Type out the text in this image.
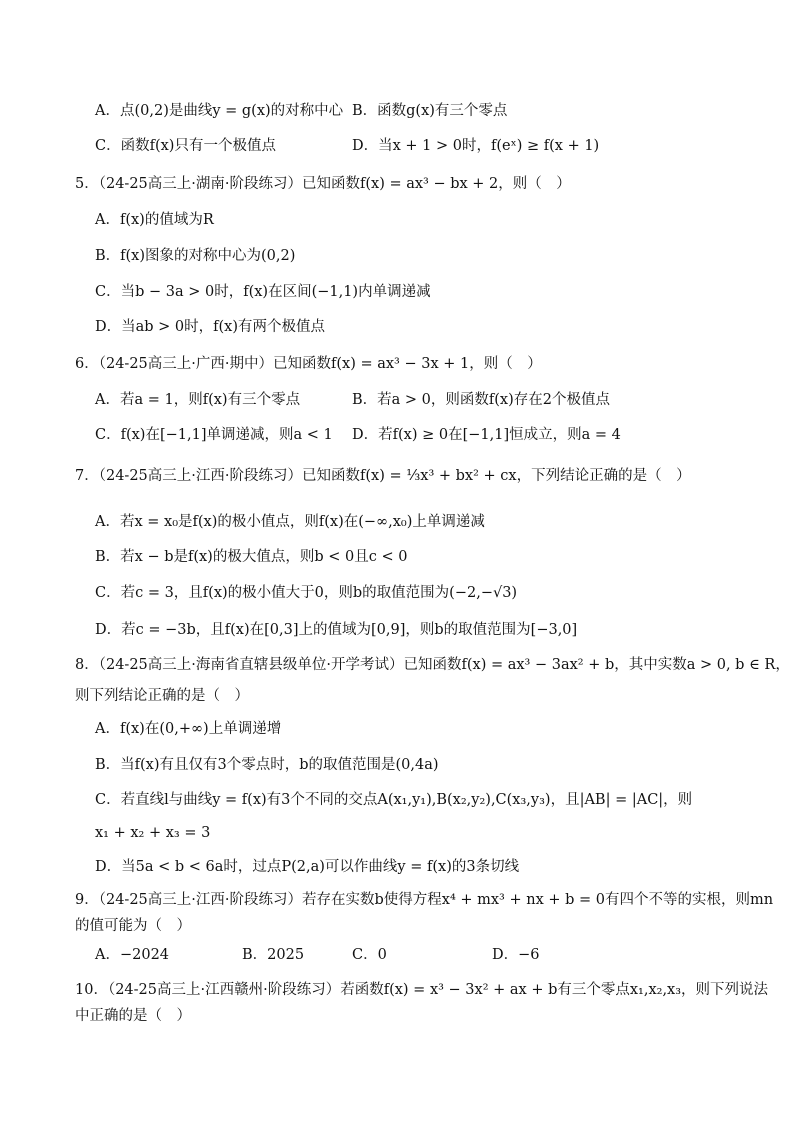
A．点(0,2)是曲线y = g(x)的对称中心 B．函数g(x)有三个零点
C．函数f(x)只有一个极值点	D．当x + 1 > 0时，f(eˣ) ≥ f(x + 1)
5．（24-25高三上·湖南·阶段练习）已知函数f(x) = ax³ − bx + 2，则（　）
A．f(x)的值域为R
B．f(x)图象的对称中心为(0,2)
C．当b − 3a > 0时，f(x)在区间(−1,1)内单调递减
D．当ab > 0时，f(x)有两个极值点
6．（24-25高三上·广西·期中）已知函数f(x) = ax³ − 3x + 1，则（　）
A．若a = 1，则f(x)有三个零点	B．若a > 0，则函数f(x)存在2个极值点
C．f(x)在[−1,1]单调递减，则a < 1 D．若f(x) ≥ 0在[−1,1]恒成立，则a = 4
7．（24-25高三上·江西·阶段练习）已知函数f(x) = ⅓x³ + bx² + cx，下列结论正确的是（　）
A．若x = x₀是f(x)的极小值点，则f(x)在(−∞,x₀)上单调递减
B．若x − b是f(x)的极大值点，则b < 0且c < 0
C．若c = 3，且f(x)的极小值大于0，则b的取值范围为(−2,−√3)
D．若c = −3b，且f(x)在[0,3]上的值域为[0,9]，则b的取值范围为[−3,0]
8．（24-25高三上·海南省直辖县级单位·开学考试）已知函数f(x) = ax³ − 3ax² + b，其中实数a > 0, b ∈ R，
则下列结论正确的是（　）
A．f(x)在(0,+∞)上单调递增
B．当f(x)有且仅有3个零点时，b的取值范围是(0,4a)
C．若直线l与曲线y = f(x)有3个不同的交点A(x₁,y₁),B(x₂,y₂),C(x₃,y₃)，且|AB| = |AC|，则
x₁ + x₂ + x₃ = 3
D．当5a < b < 6a时，过点P(2,a)可以作曲线y = f(x)的3条切线
9．（24-25高三上·江西·阶段练习）若存在实数b使得方程x⁴ + mx³ + nx + b = 0有四个不等的实根，则mn
的值可能为（　）
A．−2024	B．2025	C．0	D．−6
10．（24-25高三上·江西赣州·阶段练习）若函数f(x) = x³ − 3x² + ax + b有三个零点x₁,x₂,x₃，则下列说法
中正确的是（　）
